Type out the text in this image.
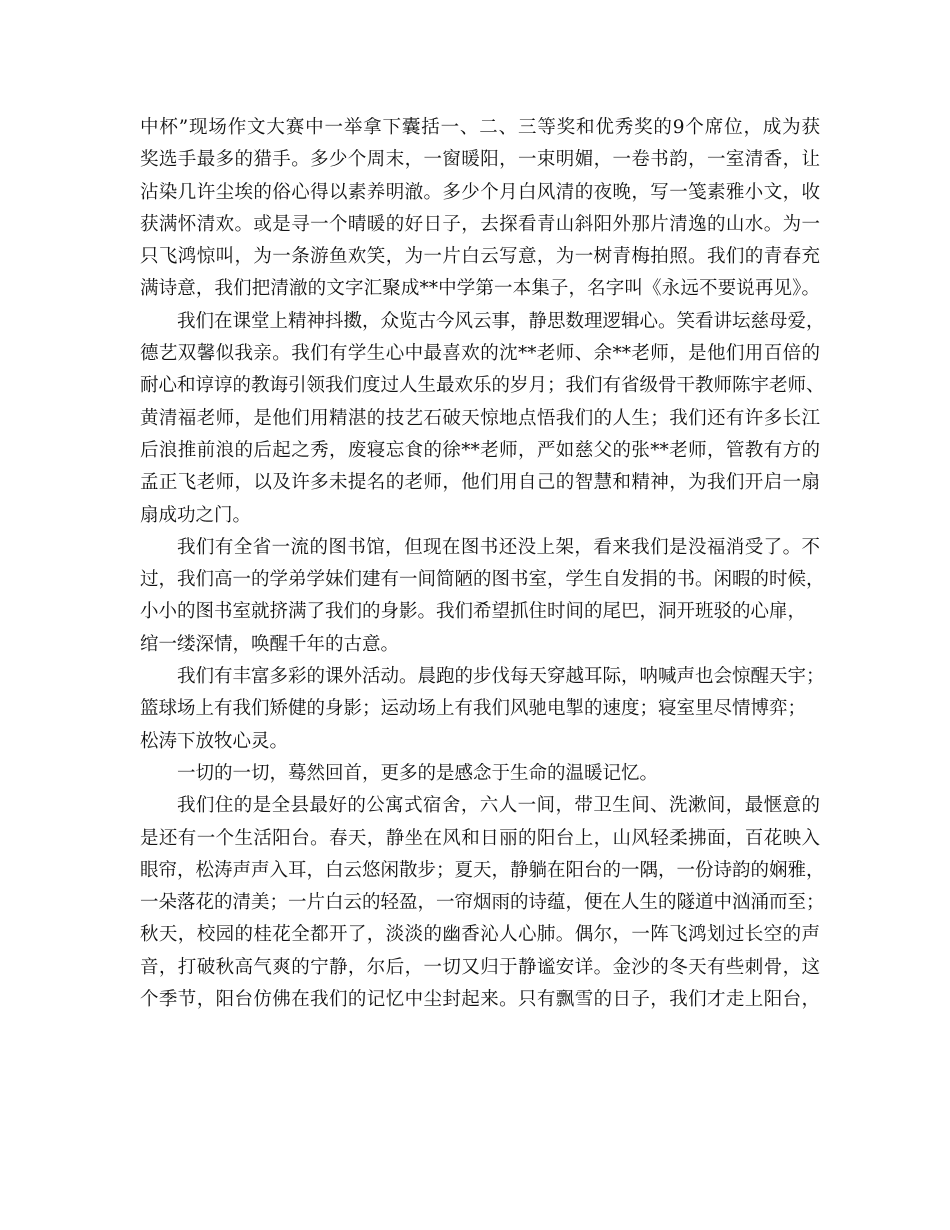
中杯”现场作文大赛中一举拿下囊括一、二、三等奖和优秀奖的9个席位，成为获
奖选手最多的猎手。多少个周末，一窗暖阳，一束明媚，一卷书韵，一室清香，让
沾染几许尘埃的俗心得以素养明澈。多少个月白风清的夜晚，写一笺素雅小文，收
获满怀清欢。或是寻一个晴暖的好日子，去探看青山斜阳外那片清逸的山水。为一
只飞鸿惊叫，为一条游鱼欢笑，为一片白云写意，为一树青梅拍照。我们的青春充
满诗意，我们把清澈的文字汇聚成**中学第一本集子，名字叫《永远不要说再见》。
我们在课堂上精神抖擞，众览古今风云事，静思数理逻辑心。笑看讲坛慈母爱，
德艺双馨似我亲。我们有学生心中最喜欢的沈**老师、余**老师，是他们用百倍的
耐心和谆谆的教诲引领我们度过人生最欢乐的岁月；我们有省级骨干教师陈宇老师、
黄清福老师，是他们用精湛的技艺石破天惊地点悟我们的人生；我们还有许多长江
后浪推前浪的后起之秀，废寝忘食的徐**老师，严如慈父的张**老师，管教有方的
孟正飞老师，以及许多未提名的老师，他们用自己的智慧和精神，为我们开启一扇
扇成功之门。
我们有全省一流的图书馆，但现在图书还没上架，看来我们是没福消受了。不
过，我们高一的学弟学妹们建有一间简陋的图书室，学生自发捐的书。闲暇的时候，
小小的图书室就挤满了我们的身影。我们希望抓住时间的尾巴，洞开班驳的心扉，
绾一缕深情，唤醒千年的古意。
我们有丰富多彩的课外活动。晨跑的步伐每天穿越耳际，呐喊声也会惊醒天宇；
篮球场上有我们矫健的身影；运动场上有我们风驰电掣的速度；寝室里尽情博弈；
松涛下放牧心灵。
一切的一切，蓦然回首，更多的是感念于生命的温暖记忆。
我们住的是全县最好的公寓式宿舍，六人一间，带卫生间、洗漱间，最惬意的
是还有一个生活阳台。春天，静坐在风和日丽的阳台上，山风轻柔拂面，百花映入
眼帘，松涛声声入耳，白云悠闲散步；夏天，静躺在阳台的一隅，一份诗韵的娴雅，
一朵落花的清美；一片白云的轻盈，一帘烟雨的诗蕴，便在人生的隧道中汹涌而至；
秋天，校园的桂花全都开了，淡淡的幽香沁人心肺。偶尔，一阵飞鸿划过长空的声
音，打破秋高气爽的宁静，尔后，一切又归于静谧安详。金沙的冬天有些刺骨，这
个季节，阳台仿佛在我们的记忆中尘封起来。只有飘雪的日子，我们才走上阳台，
